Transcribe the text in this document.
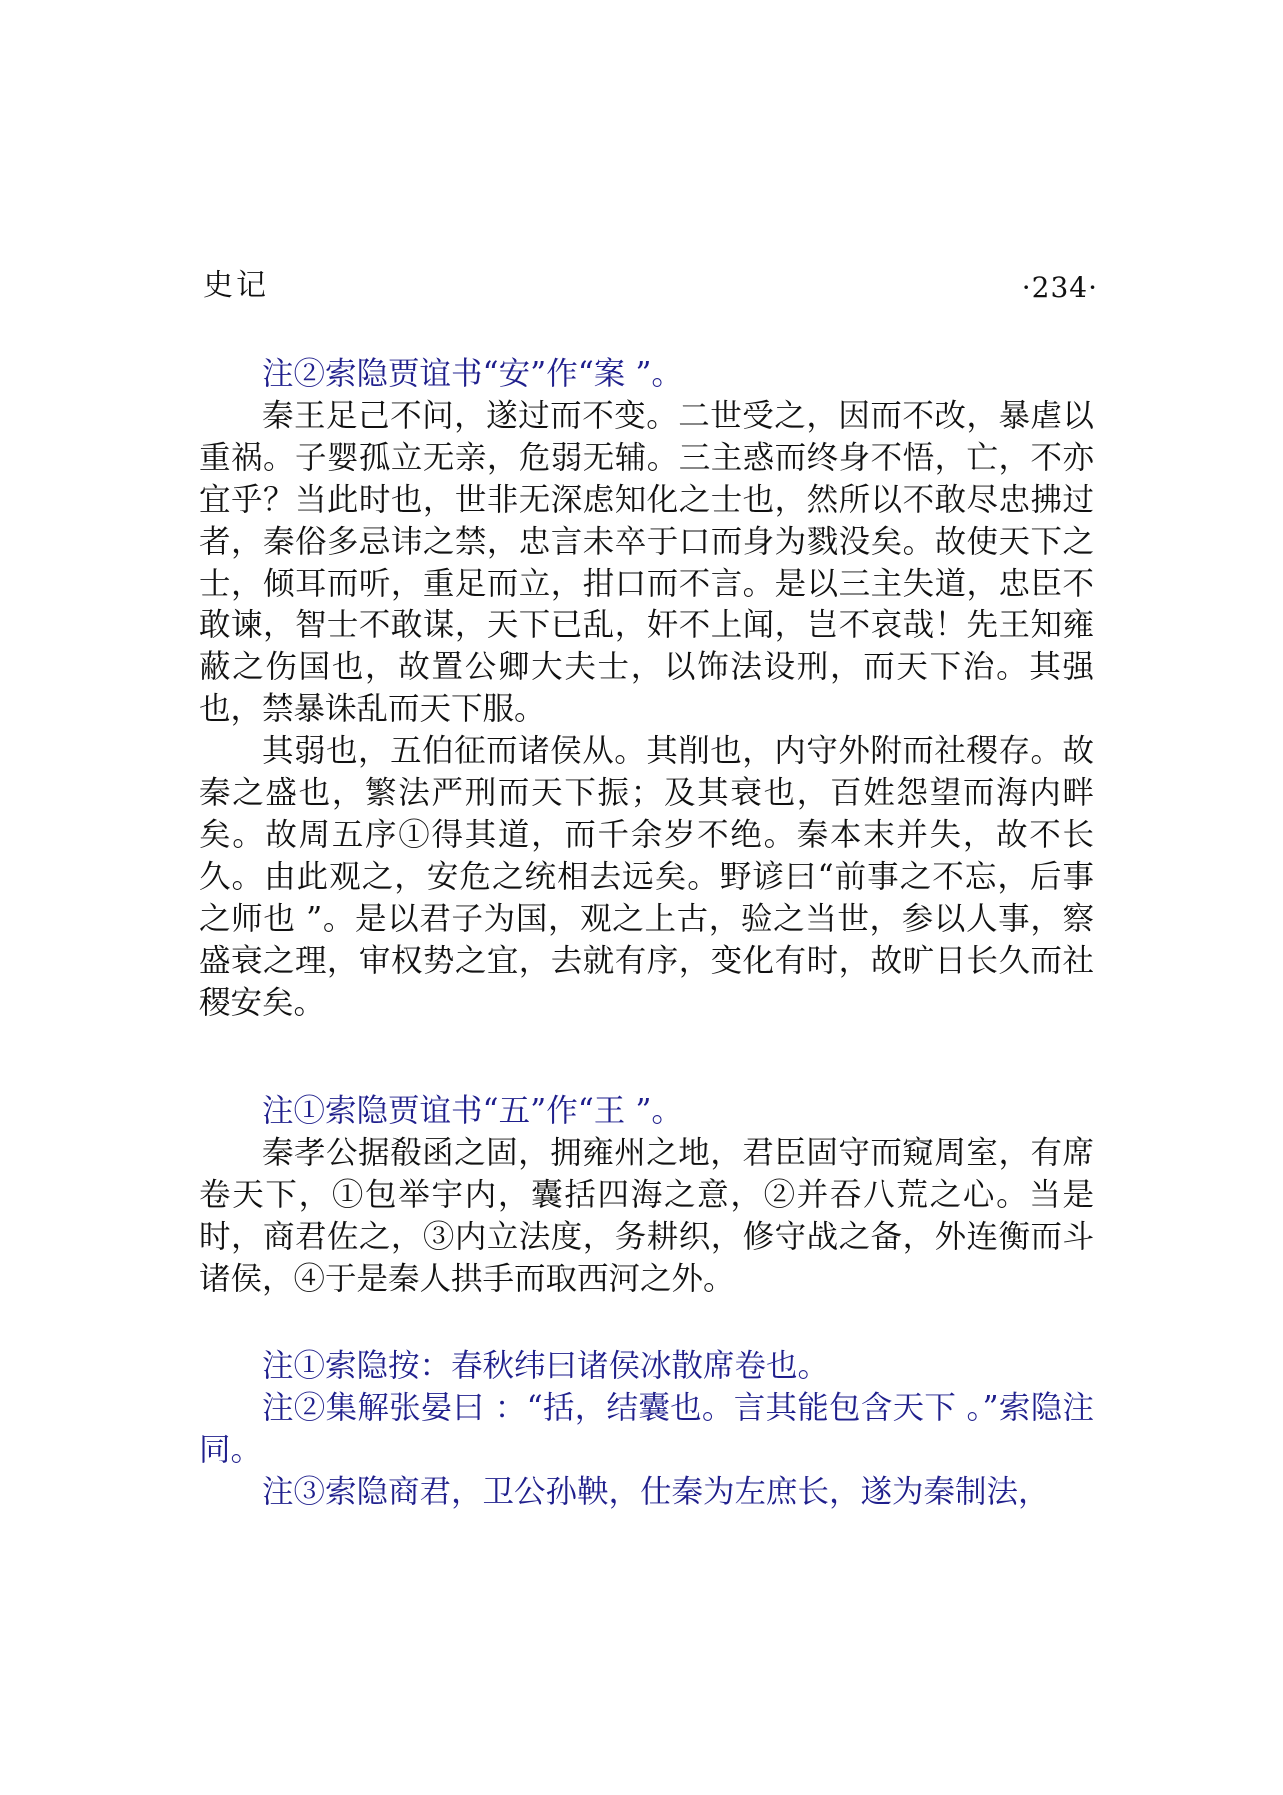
史记	·234·

注②索隐贾谊书“安”作“案 ”。

秦王足己不问，遂过而不变。二世受之，因而不改，暴虐以重祸。子婴孤立无亲，危弱无辅。三主惑而终身不悟，亡，不亦宜乎？当此时也，世非无深虑知化之士也，然所以不敢尽忠拂过者，秦俗多忌讳之禁，忠言未卒于口而身为戮没矣。故使天下之士，倾耳而听，重足而立，拑口而不言。是以三主失道，忠臣不敢谏，智士不敢谋，天下已乱，奸不上闻，岂不哀哉！先王知雍蔽之伤国也，故置公卿大夫士，以饰法设刑，而天下治。其强也，禁暴诛乱而天下服。

其弱也，五伯征而诸侯从。其削也，内守外附而社稷存。故秦之盛也，繁法严刑而天下振；及其衰也，百姓怨望而海内畔矣。故周五序①得其道，而千余岁不绝。秦本末并失，故不长久。由此观之，安危之统相去远矣。野谚曰“前事之不忘，后事之师也 ”。是以君子为国，观之上古，验之当世，参以人事，察盛衰之理，审权势之宜，去就有序，变化有时，故旷日长久而社稷安矣。

注①索隐贾谊书“五”作“王 ”。

秦孝公据殽函之固，拥雍州之地，君臣固守而窥周室，有席卷天下，①包举宇内，囊括四海之意，②并吞八荒之心。当是时，商君佐之，③内立法度，务耕织，修守战之备，外连衡而斗诸侯，④于是秦人拱手而取西河之外。

注①索隐按：春秋纬曰诸侯冰散席卷也。

注②集解张晏曰 ：“括，结囊也。言其能包含天下 。”索隐注同。

注③索隐商君，卫公孙鞅，仕秦为左庶长，遂为秦制法，
